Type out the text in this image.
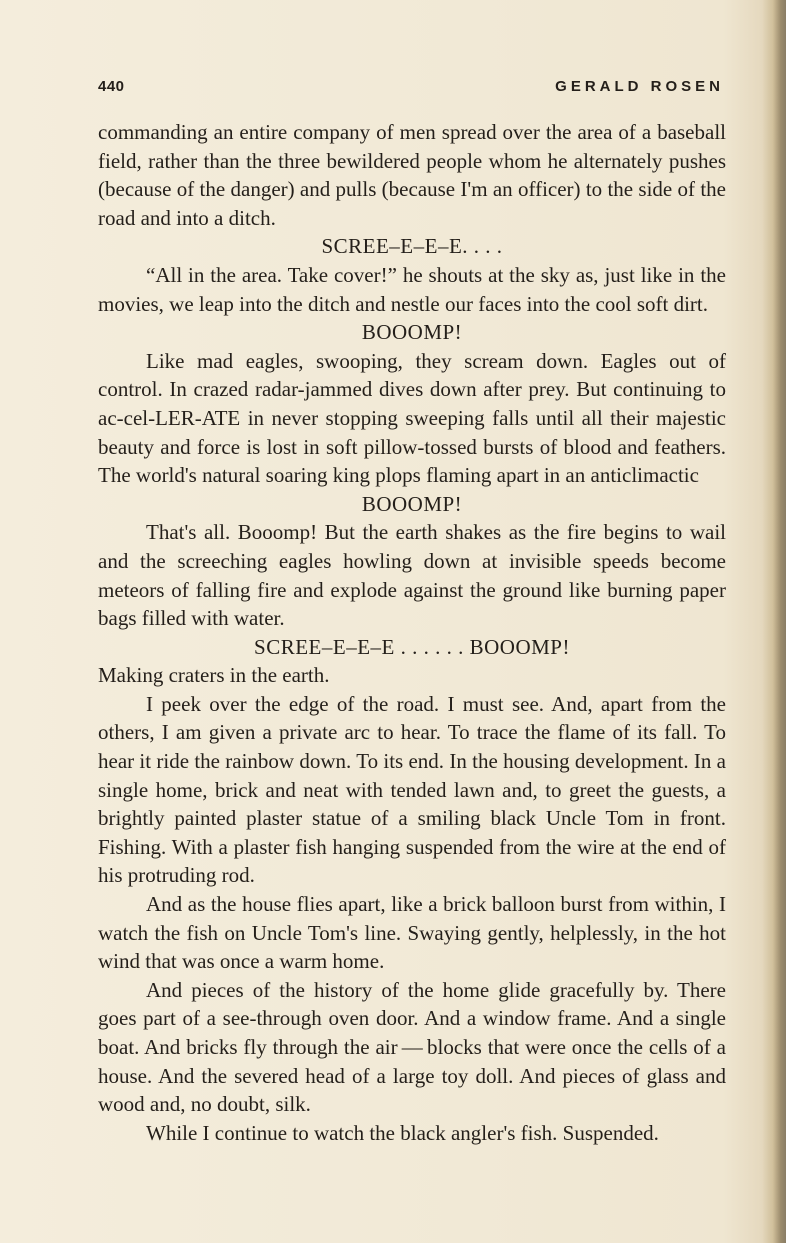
440	GERALD ROSEN

commanding an entire company of men spread over the area of a baseball field, rather than the three bewildered people whom he alternately pushes (because of the danger) and pulls (because I'm an officer) to the side of the road and into a ditch.

SCREE–E–E–E. . . .

“All in the area. Take cover!” he shouts at the sky as, just like in the movies, we leap into the ditch and nestle our faces into the cool soft dirt.

BOOOMP!

Like mad eagles, swooping, they scream down. Eagles out of control. In crazed radar-jammed dives down after prey. But continuing to ac-cel-LER-ATE in never stopping sweeping falls until all their majestic beauty and force is lost in soft pillow-tossed bursts of blood and feathers. The world's natural soaring king plops flaming apart in an anticlimactic

BOOOMP!

That's all. Booomp! But the earth shakes as the fire begins to wail and the screeching eagles howling down at invisible speeds become meteors of falling fire and explode against the ground like burning paper bags filled with water.

SCREE–E–E–E . . . . . . BOOOMP!

Making craters in the earth.

I peek over the edge of the road. I must see. And, apart from the others, I am given a private arc to hear. To trace the flame of its fall. To hear it ride the rainbow down. To its end. In the housing development. In a single home, brick and neat with tended lawn and, to greet the guests, a brightly painted plaster statue of a smiling black Uncle Tom in front. Fishing. With a plaster fish hanging suspended from the wire at the end of his protruding rod.

And as the house flies apart, like a brick balloon burst from within, I watch the fish on Uncle Tom's line. Swaying gently, helplessly, in the hot wind that was once a warm home.

And pieces of the history of the home glide gracefully by. There goes part of a see-through oven door. And a window frame. And a single boat. And bricks fly through the air — blocks that were once the cells of a house. And the severed head of a large toy doll. And pieces of glass and wood and, no doubt, silk.

While I continue to watch the black angler's fish. Suspended.
